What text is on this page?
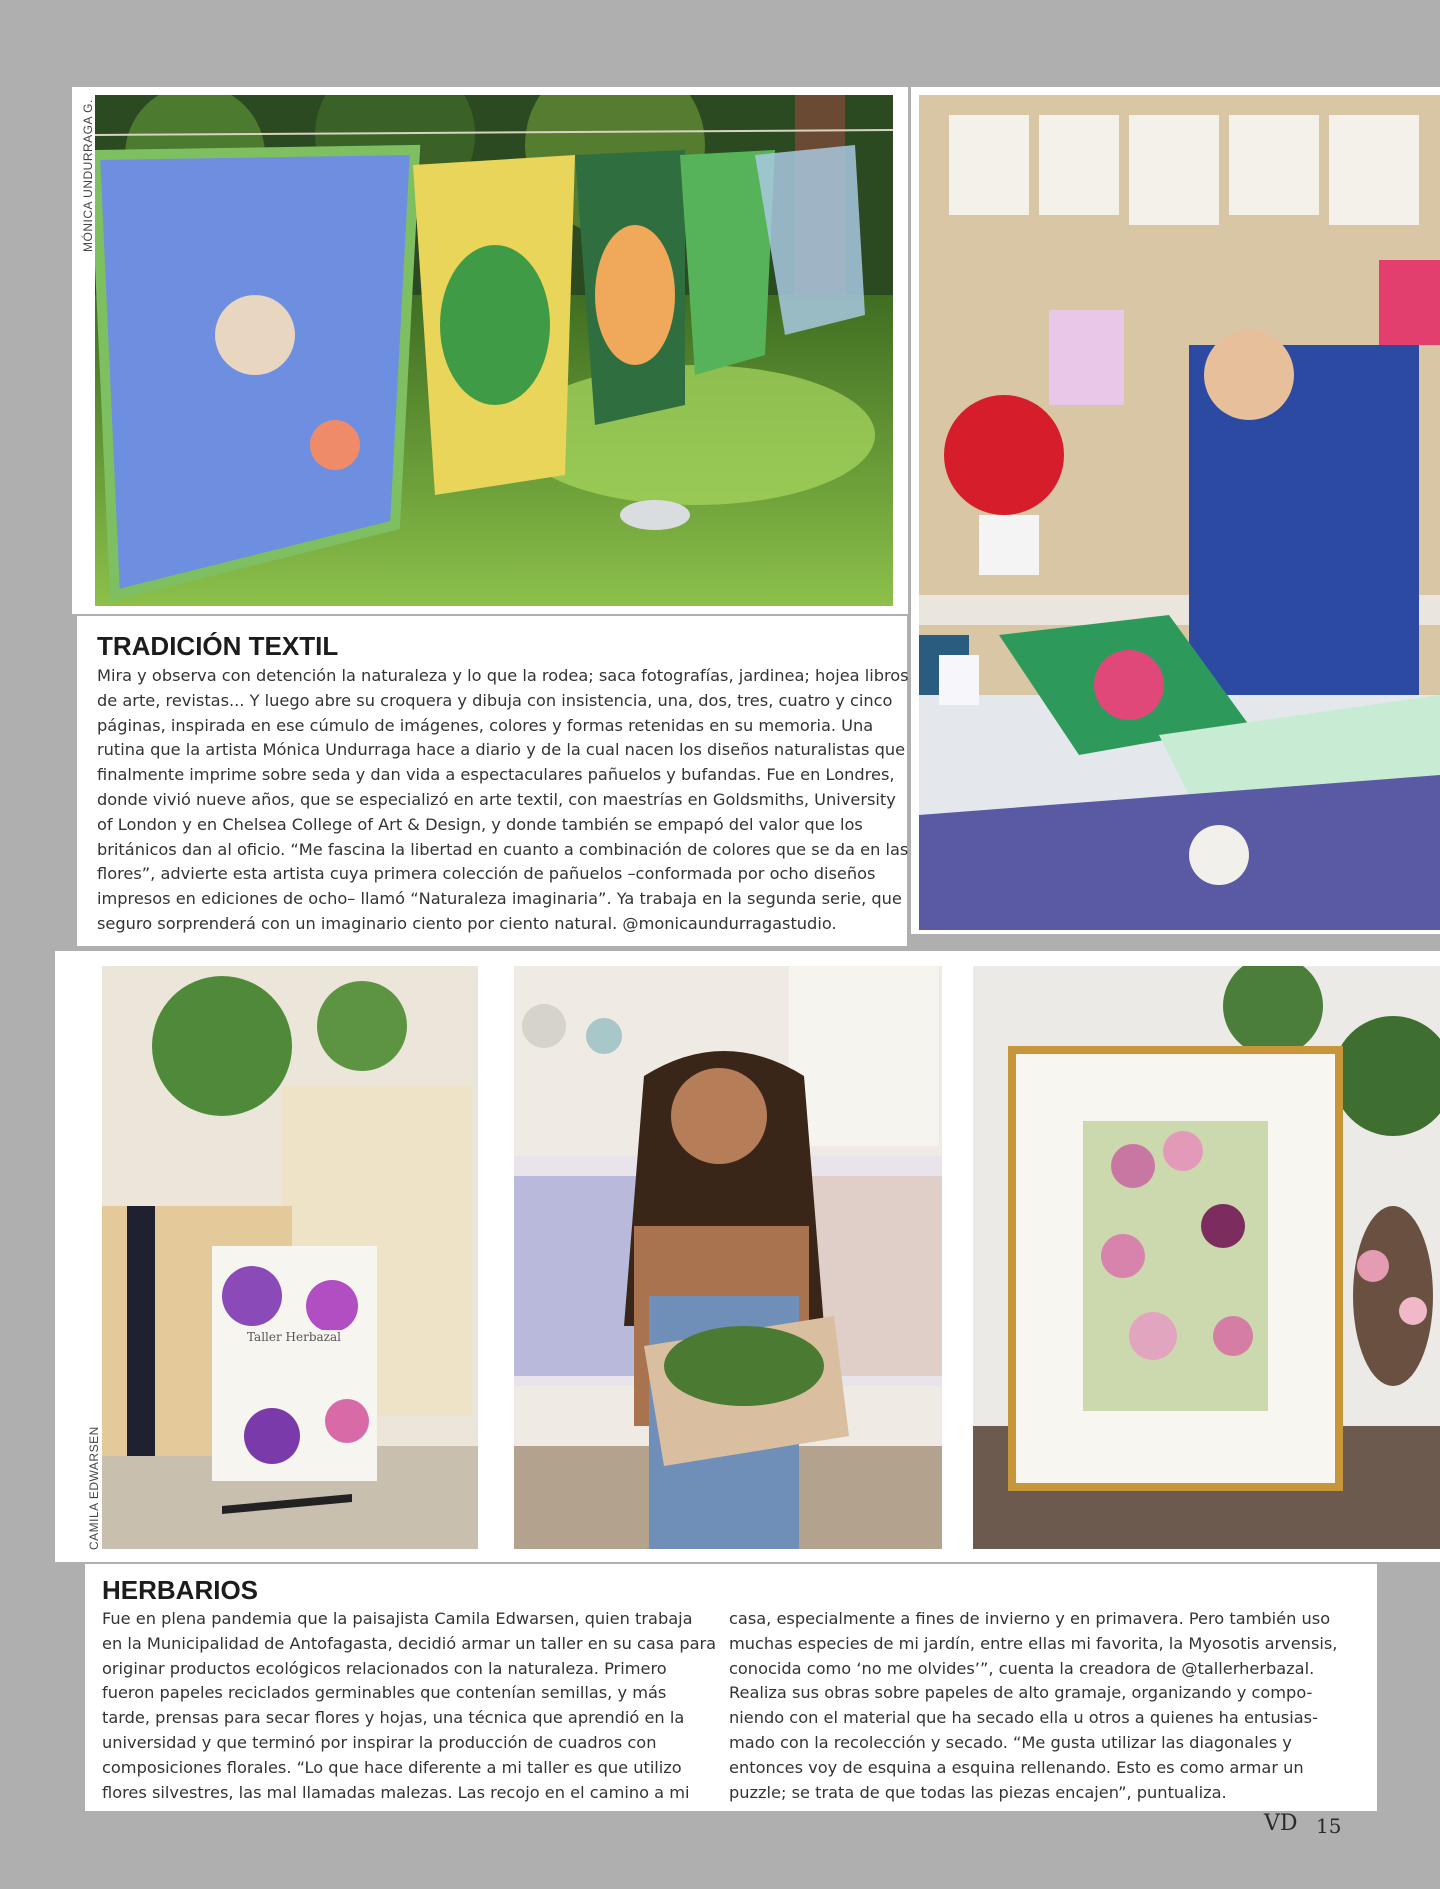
MÓNICA UNDURRAGA G.
TRADICIÓN TEXTIL

Mira y observa con detención la naturaleza y lo que la rodea; saca fotografías, jardinea; hojea libros
de arte, revistas... Y luego abre su croquera y dibuja con insistencia, una, dos, tres, cuatro y cinco
páginas, inspirada en ese cúmulo de imágenes, colores y formas retenidas en su memoria. Una
rutina que la artista Mónica Undurraga hace a diario y de la cual nacen los diseños naturalistas que
finalmente imprime sobre seda y dan vida a espectaculares pañuelos y bufandas. Fue en Londres,
donde vivió nueve años, que se especializó en arte textil, con maestrías en Goldsmiths, University
of London y en Chelsea College of Art & Design, y donde también se empapó del valor que los
británicos dan al oficio. “Me fascina la libertad en cuanto a combinación de colores que se da en las
flores”, advierte esta artista cuya primera colección de pañuelos –conformada por ocho diseños
impresos en ediciones de ocho– llamó “Naturaleza imaginaria”. Ya trabaja en la segunda serie, que
seguro sorprenderá con un imaginario ciento por ciento natural. @monicaundurragastudio.

CAMILA EDWARSEN
Taller Herbazal
HERBARIOS

Fue en plena pandemia que la paisajista Camila Edwarsen, quien trabaja
en la Municipalidad de Antofagasta, decidió armar un taller en su casa para
originar productos ecológicos relacionados con la naturaleza. Primero
fueron papeles reciclados germinables que contenían semillas, y más
tarde, prensas para secar flores y hojas, una técnica que aprendió en la
universidad y que terminó por inspirar la producción de cuadros con
composiciones florales. “Lo que hace diferente a mi taller es que utilizo
flores silvestres, las mal llamadas malezas. Las recojo en el camino a mi

casa, especialmente a fines de invierno y en primavera. Pero también uso
muchas especies de mi jardín, entre ellas mi favorita, la Myosotis arvensis,
conocida como ‘no me olvides’”, cuenta la creadora de @tallerherbazal.
Realiza sus obras sobre papeles de alto gramaje, organizando y compo-
niendo con el material que ha secado ella u otros a quienes ha entusias-
mado con la recolección y secado. “Me gusta utilizar las diagonales y
entonces voy de esquina a esquina rellenando. Esto es como armar un
puzzle; se trata de que todas las piezas encajen”, puntualiza.

VD 15
